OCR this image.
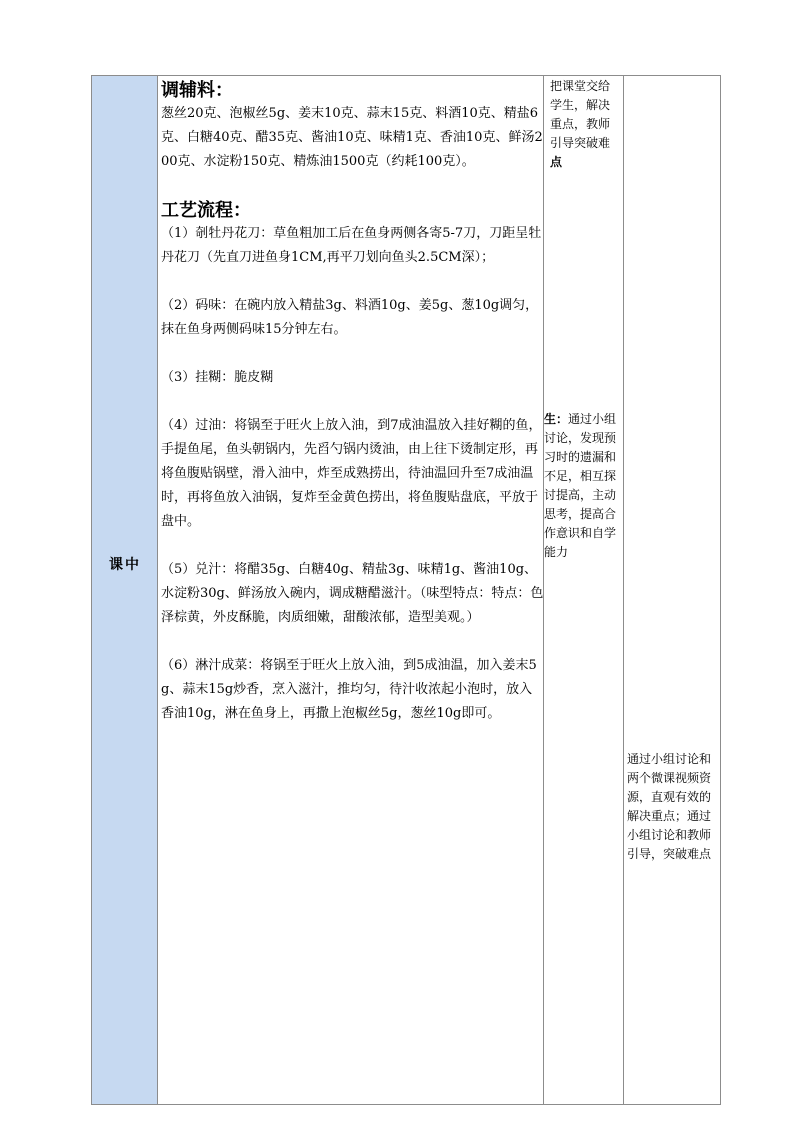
课中
调辅料：

葱丝20克、泡椒丝5g、姜末10克、蒜末15克、料酒10克、精盐6克、白糖40克、醋35克、酱油10克、味精1克、香油10克、鲜汤200克、水淀粉150克、精炼油1500克（约耗100克）。

工艺流程：

（1）剞牡丹花刀：草鱼粗加工后在鱼身两侧各寄5-7刀，刀距呈牡丹花刀（先直刀进鱼身1CM,再平刀划向鱼头2.5CM深）；

（2）码味：在碗内放入精盐3g、料酒10g、姜5g、葱10g调匀，抹在鱼身两侧码味15分钟左右。

（3）挂糊：脆皮糊

（4）过油：将锅至于旺火上放入油，到7成油温放入挂好糊的鱼，手提鱼尾，鱼头朝锅内，先舀勺锅内烫油，由上往下烫制定形，再将鱼腹贴锅壁，滑入油中，炸至成熟捞出，待油温回升至7成油温时，再将鱼放入油锅，复炸至金黄色捞出，将鱼腹贴盘底，平放于盘中。

（5）兑汁：将醋35g、白糖40g、精盐3g、味精1g、酱油10g、水淀粉30g、鲜汤放入碗内，调成糖醋滋汁。（味型特点：特点：色泽棕黄，外皮酥脆，肉质细嫩，甜酸浓郁，造型美观。）

（6）淋汁成菜：将锅至于旺火上放入油，到5成油温，加入姜末5g、蒜末15g炒香，烹入滋汁，推均匀，待汁收浓起小泡时，放入香油10g，淋在鱼身上，再撒上泡椒丝5g，葱丝10g即可。

把课堂交给学生，解决重点，教师引导突破难点
生：通过小组讨论，发现预习时的遗漏和不足，相互探讨提高，主动思考，提高合作意识和自学能力
通过小组讨论和两个微课视频资源，直观有效的解决重点；通过小组讨论和教师引导，突破难点
